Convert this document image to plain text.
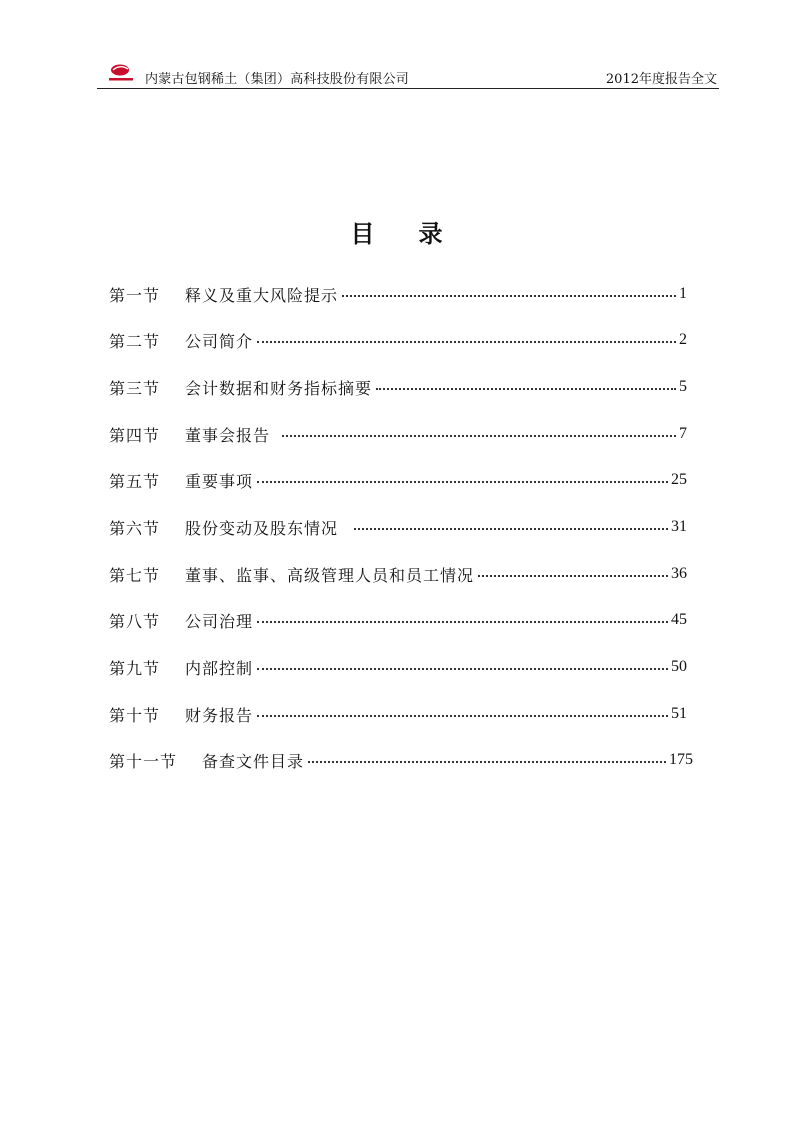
内蒙古包钢稀土（集团）高科技股份有限公司	2012年度报告全文
目录
第一节	释义及重大风险提示	1
第二节	公司简介	2
第三节	会计数据和财务指标摘要	5
第四节	董事会报告	7
第五节	重要事项	25
第六节	股份变动及股东情况	31
第七节	董事、监事、高级管理人员和员工情况	36
第八节	公司治理	45
第九节	内部控制	50
第十节	财务报告	51
第十一节	备查文件目录	175
